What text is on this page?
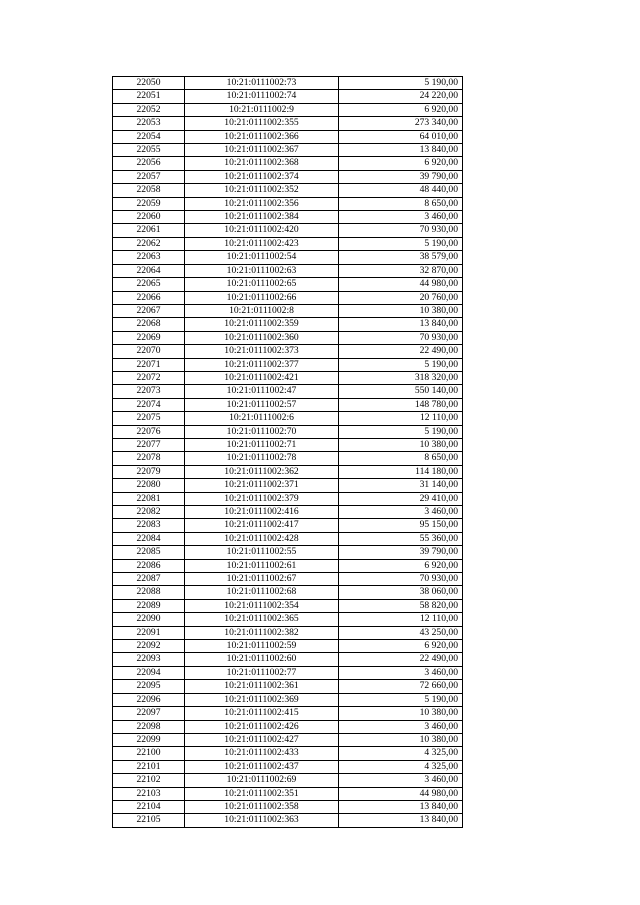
22050	10:21:0111002:73	5 190,00
22051	10:21:0111002:74	24 220,00
22052	10:21:0111002:9	6 920,00
22053	10:21:0111002:355	273 340,00
22054	10:21:0111002:366	64 010,00
22055	10:21:0111002:367	13 840,00
22056	10:21:0111002:368	6 920,00
22057	10:21:0111002:374	39 790,00
22058	10:21:0111002:352	48 440,00
22059	10:21:0111002:356	8 650,00
22060	10:21:0111002:384	3 460,00
22061	10:21:0111002:420	70 930,00
22062	10:21:0111002:423	5 190,00
22063	10:21:0111002:54	38 579,00
22064	10:21:0111002:63	32 870,00
22065	10:21:0111002:65	44 980,00
22066	10:21:0111002:66	20 760,00
22067	10:21:0111002:8	10 380,00
22068	10:21:0111002:359	13 840,00
22069	10:21:0111002:360	70 930,00
22070	10:21:0111002:373	22 490,00
22071	10:21:0111002:377	5 190,00
22072	10:21:0111002:421	318 320,00
22073	10:21:0111002:47	550 140,00
22074	10:21:0111002:57	148 780,00
22075	10:21:0111002:6	12 110,00
22076	10:21:0111002:70	5 190,00
22077	10:21:0111002:71	10 380,00
22078	10:21:0111002:78	8 650,00
22079	10:21:0111002:362	114 180,00
22080	10:21:0111002:371	31 140,00
22081	10:21:0111002:379	29 410,00
22082	10:21:0111002:416	3 460,00
22083	10:21:0111002:417	95 150,00
22084	10:21:0111002:428	55 360,00
22085	10:21:0111002:55	39 790,00
22086	10:21:0111002:61	6 920,00
22087	10:21:0111002:67	70 930,00
22088	10:21:0111002:68	38 060,00
22089	10:21:0111002:354	58 820,00
22090	10:21:0111002:365	12 110,00
22091	10:21:0111002:382	43 250,00
22092	10:21:0111002:59	6 920,00
22093	10:21:0111002:60	22 490,00
22094	10:21:0111002:77	3 460,00
22095	10:21:0111002:361	72 660,00
22096	10:21:0111002:369	5 190,00
22097	10:21:0111002:415	10 380,00
22098	10:21:0111002:426	3 460,00
22099	10:21:0111002:427	10 380,00
22100	10:21:0111002:433	4 325,00
22101	10:21:0111002:437	4 325,00
22102	10:21:0111002:69	3 460,00
22103	10:21:0111002:351	44 980,00
22104	10:21:0111002:358	13 840,00
22105	10:21:0111002:363	13 840,00
